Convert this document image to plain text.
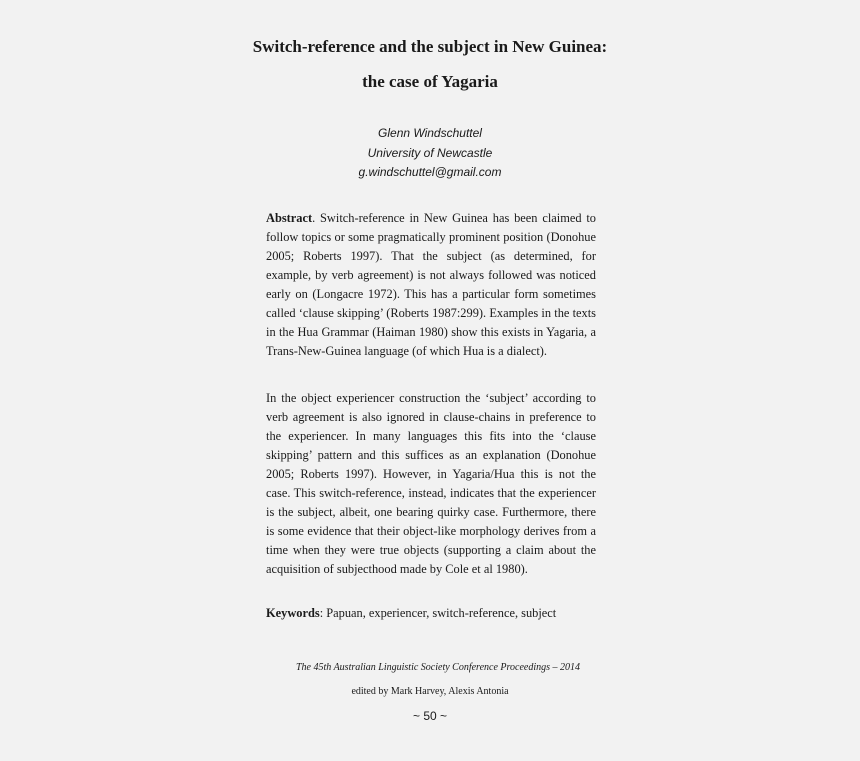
Switch-reference and the subject in New Guinea:
the case of Yagaria
Glenn Windschuttel
University of Newcastle
g.windschuttel@gmail.com
Abstract. Switch-reference in New Guinea has been claimed to follow topics or some pragmatically prominent position (Donohue 2005; Roberts 1997). That the subject (as determined, for example, by verb agreement) is not always followed was noticed early on (Longacre 1972). This has a particular form sometimes called ‘clause skipping’ (Roberts 1987:299). Examples in the texts in the Hua Grammar (Haiman 1980) show this exists in Yagaria, a Trans-New-Guinea language (of which Hua is a dialect).
In the object experiencer construction the ‘subject’ according to verb agreement is also ignored in clause-chains in preference to the experiencer. In many languages this fits into the ‘clause skipping’ pattern and this suffices as an explanation (Donohue 2005; Roberts 1997). However, in Yagaria/Hua this is not the case. This switch-reference, instead, indicates that the experiencer is the subject, albeit, one bearing quirky case. Furthermore, there is some evidence that their object-like morphology derives from a time when they were true objects (supporting a claim about the acquisition of subjecthood made by Cole et al 1980).
Keywords: Papuan, experiencer, switch-reference, subject
The 45th Australian Linguistic Society Conference Proceedings – 2014
edited by Mark Harvey, Alexis Antonia
~ 50 ~
